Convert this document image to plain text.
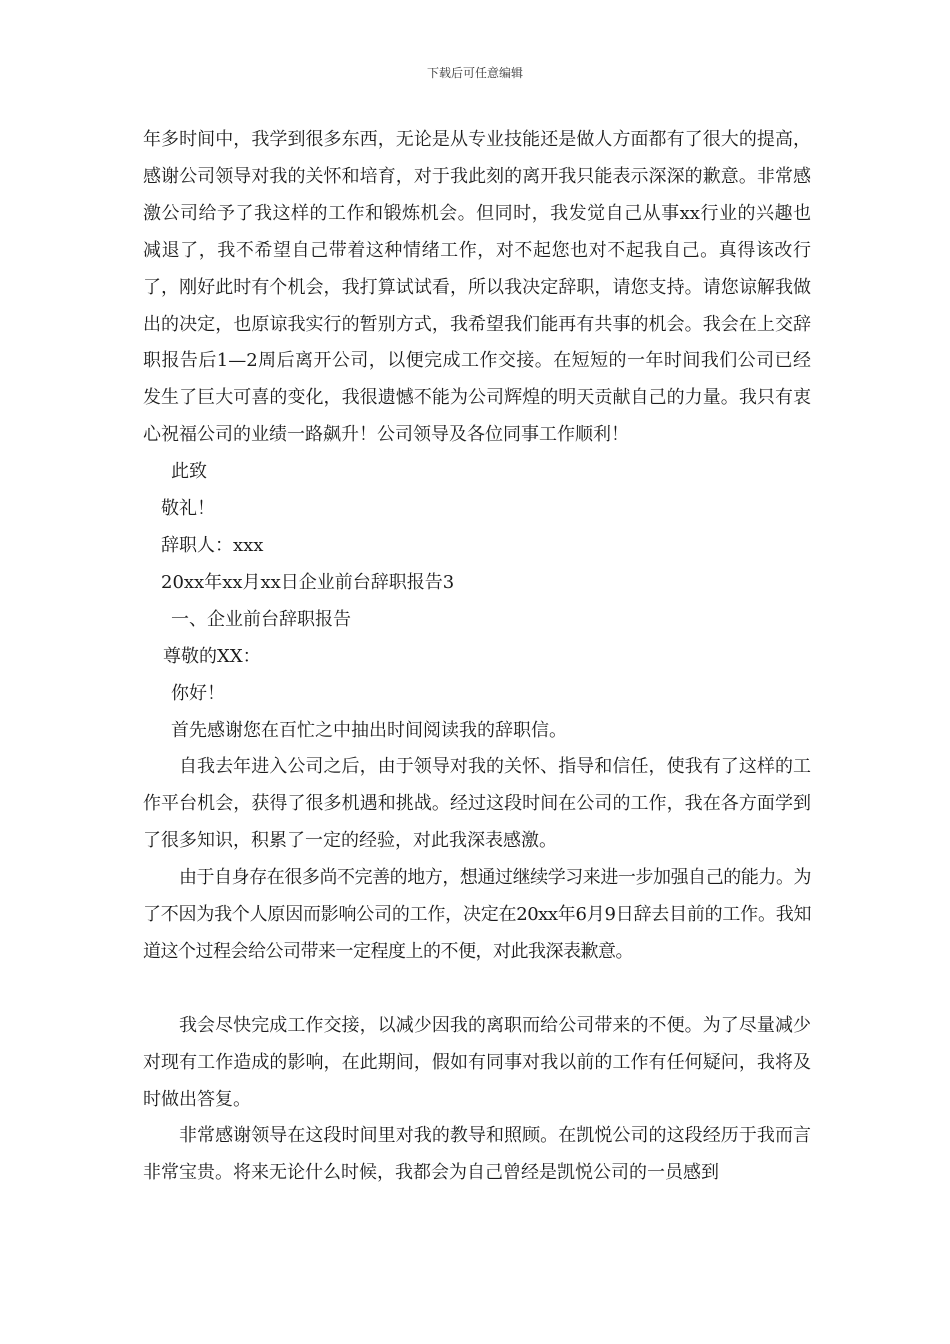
下载后可任意编辑

年多时间中，我学到很多东西，无论是从专业技能还是做人方面都有了很大的提高，感谢公司领导对我的关怀和培育，对于我此刻的离开我只能表示深深的歉意。非常感激公司给予了我这样的工作和锻炼机会。但同时，我发觉自己从事xx行业的兴趣也减退了，我不希望自己带着这种情绪工作，对不起您也对不起我自己。真得该改行了，刚好此时有个机会，我打算试试看，所以我决定辞职，请您支持。请您谅解我做出的决定，也原谅我实行的暂别方式，我希望我们能再有共事的机会。我会在上交辞职报告后1—2周后离开公司，以便完成工作交接。在短短的一年时间我们公司已经发生了巨大可喜的变化，我很遗憾不能为公司辉煌的明天贡献自己的力量。我只有衷心祝福公司的业绩一路飙升！公司领导及各位同事工作顺利！

此致

敬礼！

辞职人：xxx

20xx年xx月xx日企业前台辞职报告3

一、企业前台辞职报告

尊敬的XX：

你好！

首先感谢您在百忙之中抽出时间阅读我的辞职信。

自我去年进入公司之后，由于领导对我的关怀、指导和信任，使我有了这样的工作平台机会，获得了很多机遇和挑战。经过这段时间在公司的工作，我在各方面学到了很多知识，积累了一定的经验，对此我深表感激。

由于自身存在很多尚不完善的地方，想通过继续学习来进一步加强自己的能力。为了不因为我个人原因而影响公司的工作，决定在20xx年6月9日辞去目前的工作。我知道这个过程会给公司带来一定程度上的不便，对此我深表歉意。

我会尽快完成工作交接，以减少因我的离职而给公司带来的不便。为了尽量减少对现有工作造成的影响，在此期间，假如有同事对我以前的工作有任何疑问，我将及时做出答复。

非常感谢领导在这段时间里对我的教导和照顾。在凯悦公司的这段经历于我而言非常宝贵。将来无论什么时候，我都会为自己曾经是凯悦公司的一员感到
